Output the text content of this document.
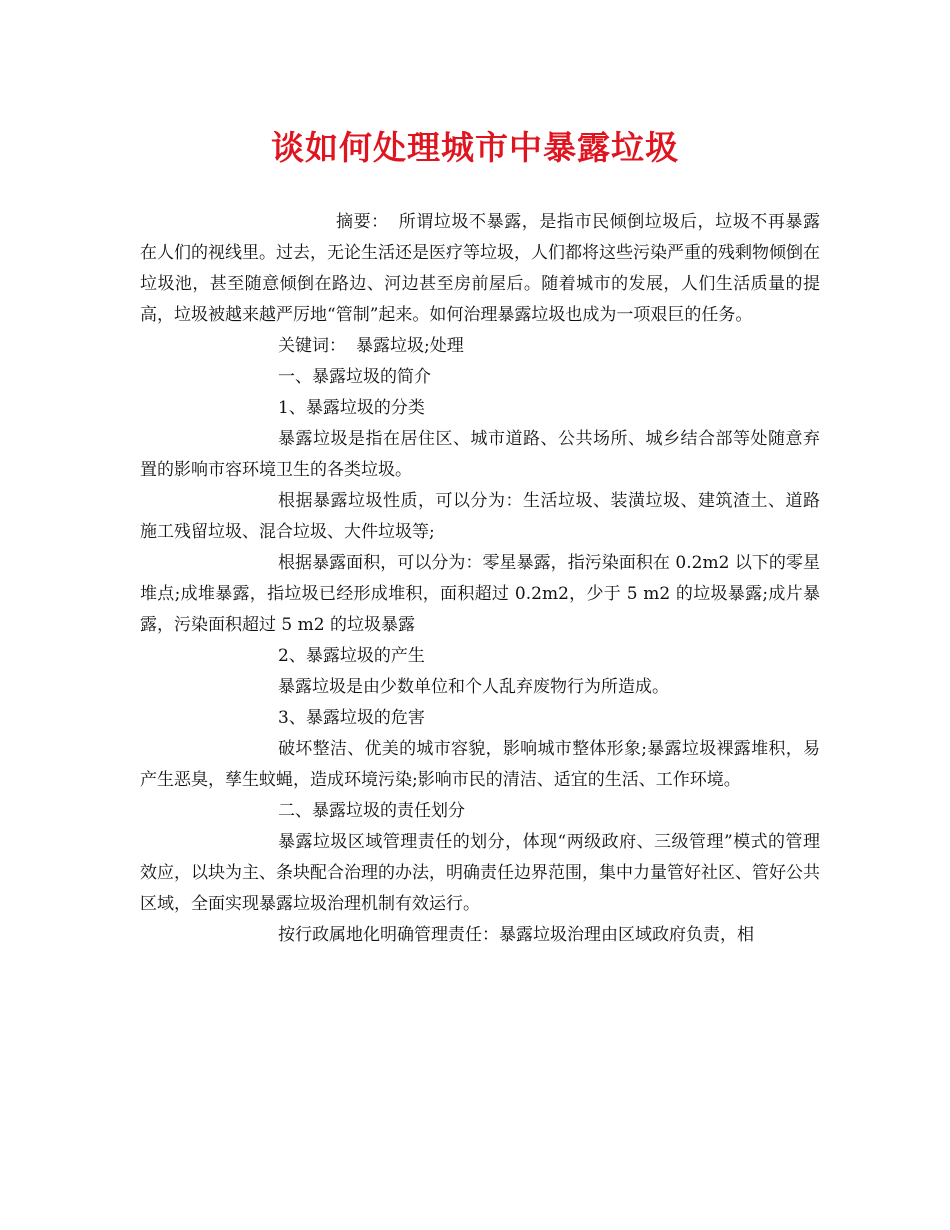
谈如何处理城市中暴露垃圾

摘要： 所谓垃圾不暴露，是指市民倾倒垃圾后，垃圾不再暴露在人们的视线里。过去，无论生活还是医疗等垃圾，人们都将这些污染严重的残剩物倾倒在垃圾池，甚至随意倾倒在路边、河边甚至房前屋后。随着城市的发展，人们生活质量的提高，垃圾被越来越严厉地“管制”起来。如何治理暴露垃圾也成为一项艰巨的任务。

关键词： 暴露垃圾;处理

一、暴露垃圾的简介

1、暴露垃圾的分类

暴露垃圾是指在居住区、城市道路、公共场所、城乡结合部等处随意弃置的影响市容环境卫生的各类垃圾。

根据暴露垃圾性质，可以分为：生活垃圾、装潢垃圾、建筑渣土、道路施工残留垃圾、混合垃圾、大件垃圾等;

根据暴露面积，可以分为：零星暴露，指污染面积在 0.2m2 以下的零星堆点;成堆暴露，指垃圾已经形成堆积，面积超过 0.2m2，少于 5 m2 的垃圾暴露;成片暴露，污染面积超过 5 m2 的垃圾暴露

2、暴露垃圾的产生

暴露垃圾是由少数单位和个人乱弃废物行为所造成。

3、暴露垃圾的危害

破坏整洁、优美的城市容貌，影响城市整体形象;暴露垃圾裸露堆积，易产生恶臭，孳生蚊蝇，造成环境污染;影响市民的清洁、适宜的生活、工作环境。

二、暴露垃圾的责任划分

暴露垃圾区域管理责任的划分，体现“两级政府、三级管理”模式的管理效应，以块为主、条块配合治理的办法，明确责任边界范围，集中力量管好社区、管好公共区域，全面实现暴露垃圾治理机制有效运行。

按行政属地化明确管理责任：暴露垃圾治理由区域政府负责，相
